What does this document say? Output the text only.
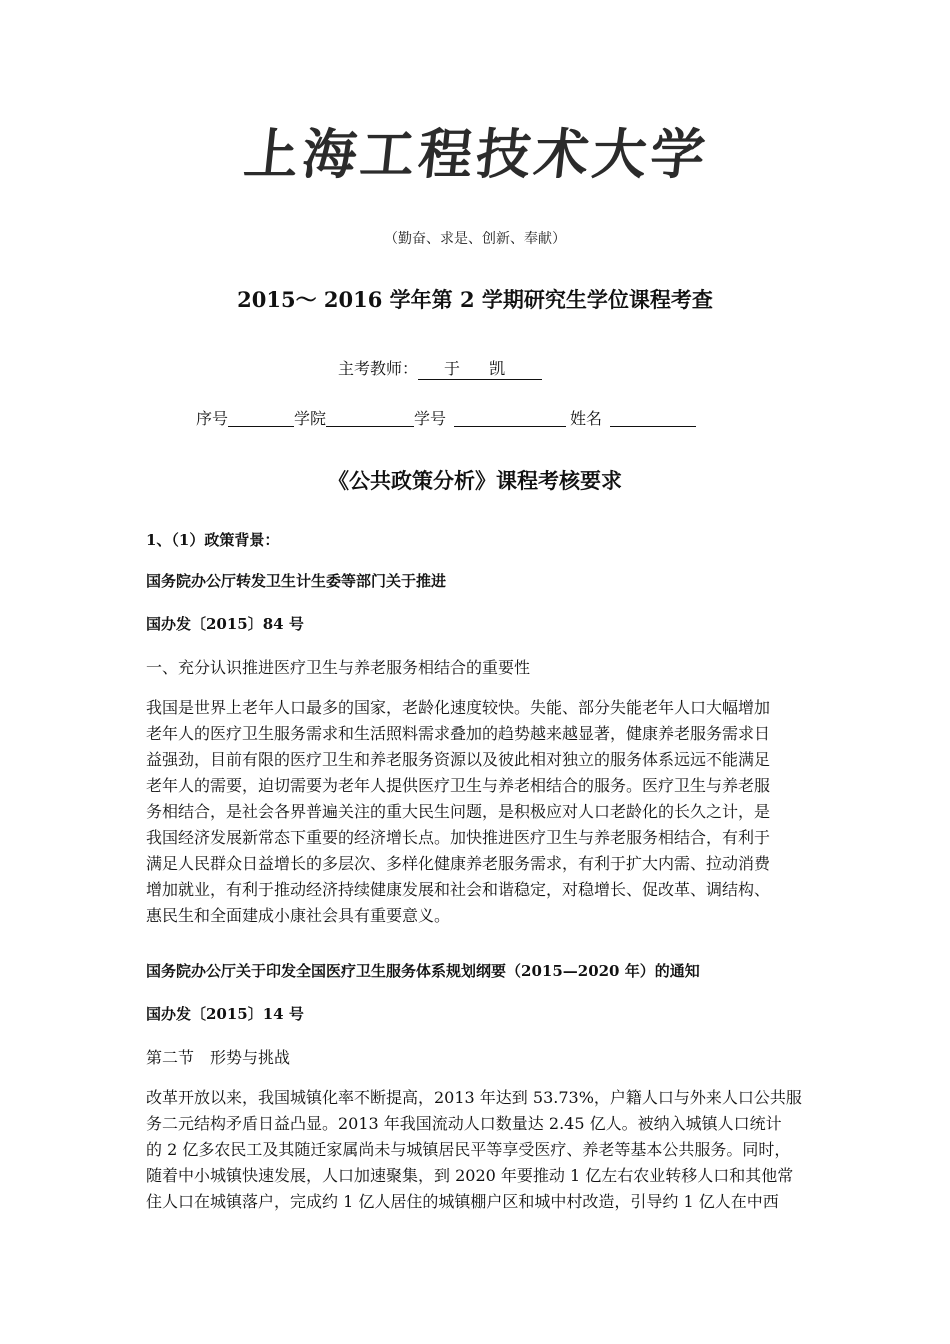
上
海
工
程
技
术
大
学
（勤奋、求是、创新、奉献）
2015～ 2016 学年第 2 学期研究生学位课程考查
主考教师： 于 凯
序号	学院	学号	姓名
《公共政策分析》课程考核要求
1、（1）政策背景：
国务院办公厅转发卫生计生委等部门关于推进
国办发〔2015〕84 号
一、充分认识推进医疗卫生与养老服务相结合的重要性
我国是世界上老年人口最多的国家，老龄化速度较快。失能、部分失能老年人口大幅增加
老年人的医疗卫生服务需求和生活照料需求叠加的趋势越来越显著，健康养老服务需求日
益强劲，目前有限的医疗卫生和养老服务资源以及彼此相对独立的服务体系远远不能满足
老年人的需要，迫切需要为老年人提供医疗卫生与养老相结合的服务。医疗卫生与养老服
务相结合，是社会各界普遍关注的重大民生问题，是积极应对人口老龄化的长久之计，是
我国经济发展新常态下重要的经济增长点。加快推进医疗卫生与养老服务相结合，有利于
满足人民群众日益增长的多层次、多样化健康养老服务需求，有利于扩大内需、拉动消费
增加就业，有利于推动经济持续健康发展和社会和谐稳定，对稳增长、促改革、调结构、
惠民生和全面建成小康社会具有重要意义。
国务院办公厅关于印发全国医疗卫生服务体系规划纲要（2015—2020 年）的通知
国办发〔2015〕14 号
第二节　形势与挑战
改革开放以来，我国城镇化率不断提高，2013 年达到 53.73%，户籍人口与外来人口公共服
务二元结构矛盾日益凸显。2013 年我国流动人口数量达 2.45 亿人。被纳入城镇人口统计
的 2 亿多农民工及其随迁家属尚未与城镇居民平等享受医疗、养老等基本公共服务。同时，
随着中小城镇快速发展，人口加速聚集，到 2020 年要推动 1 亿左右农业转移人口和其他常
住人口在城镇落户，完成约 1 亿人居住的城镇棚户区和城中村改造，引导约 1 亿人在中西
